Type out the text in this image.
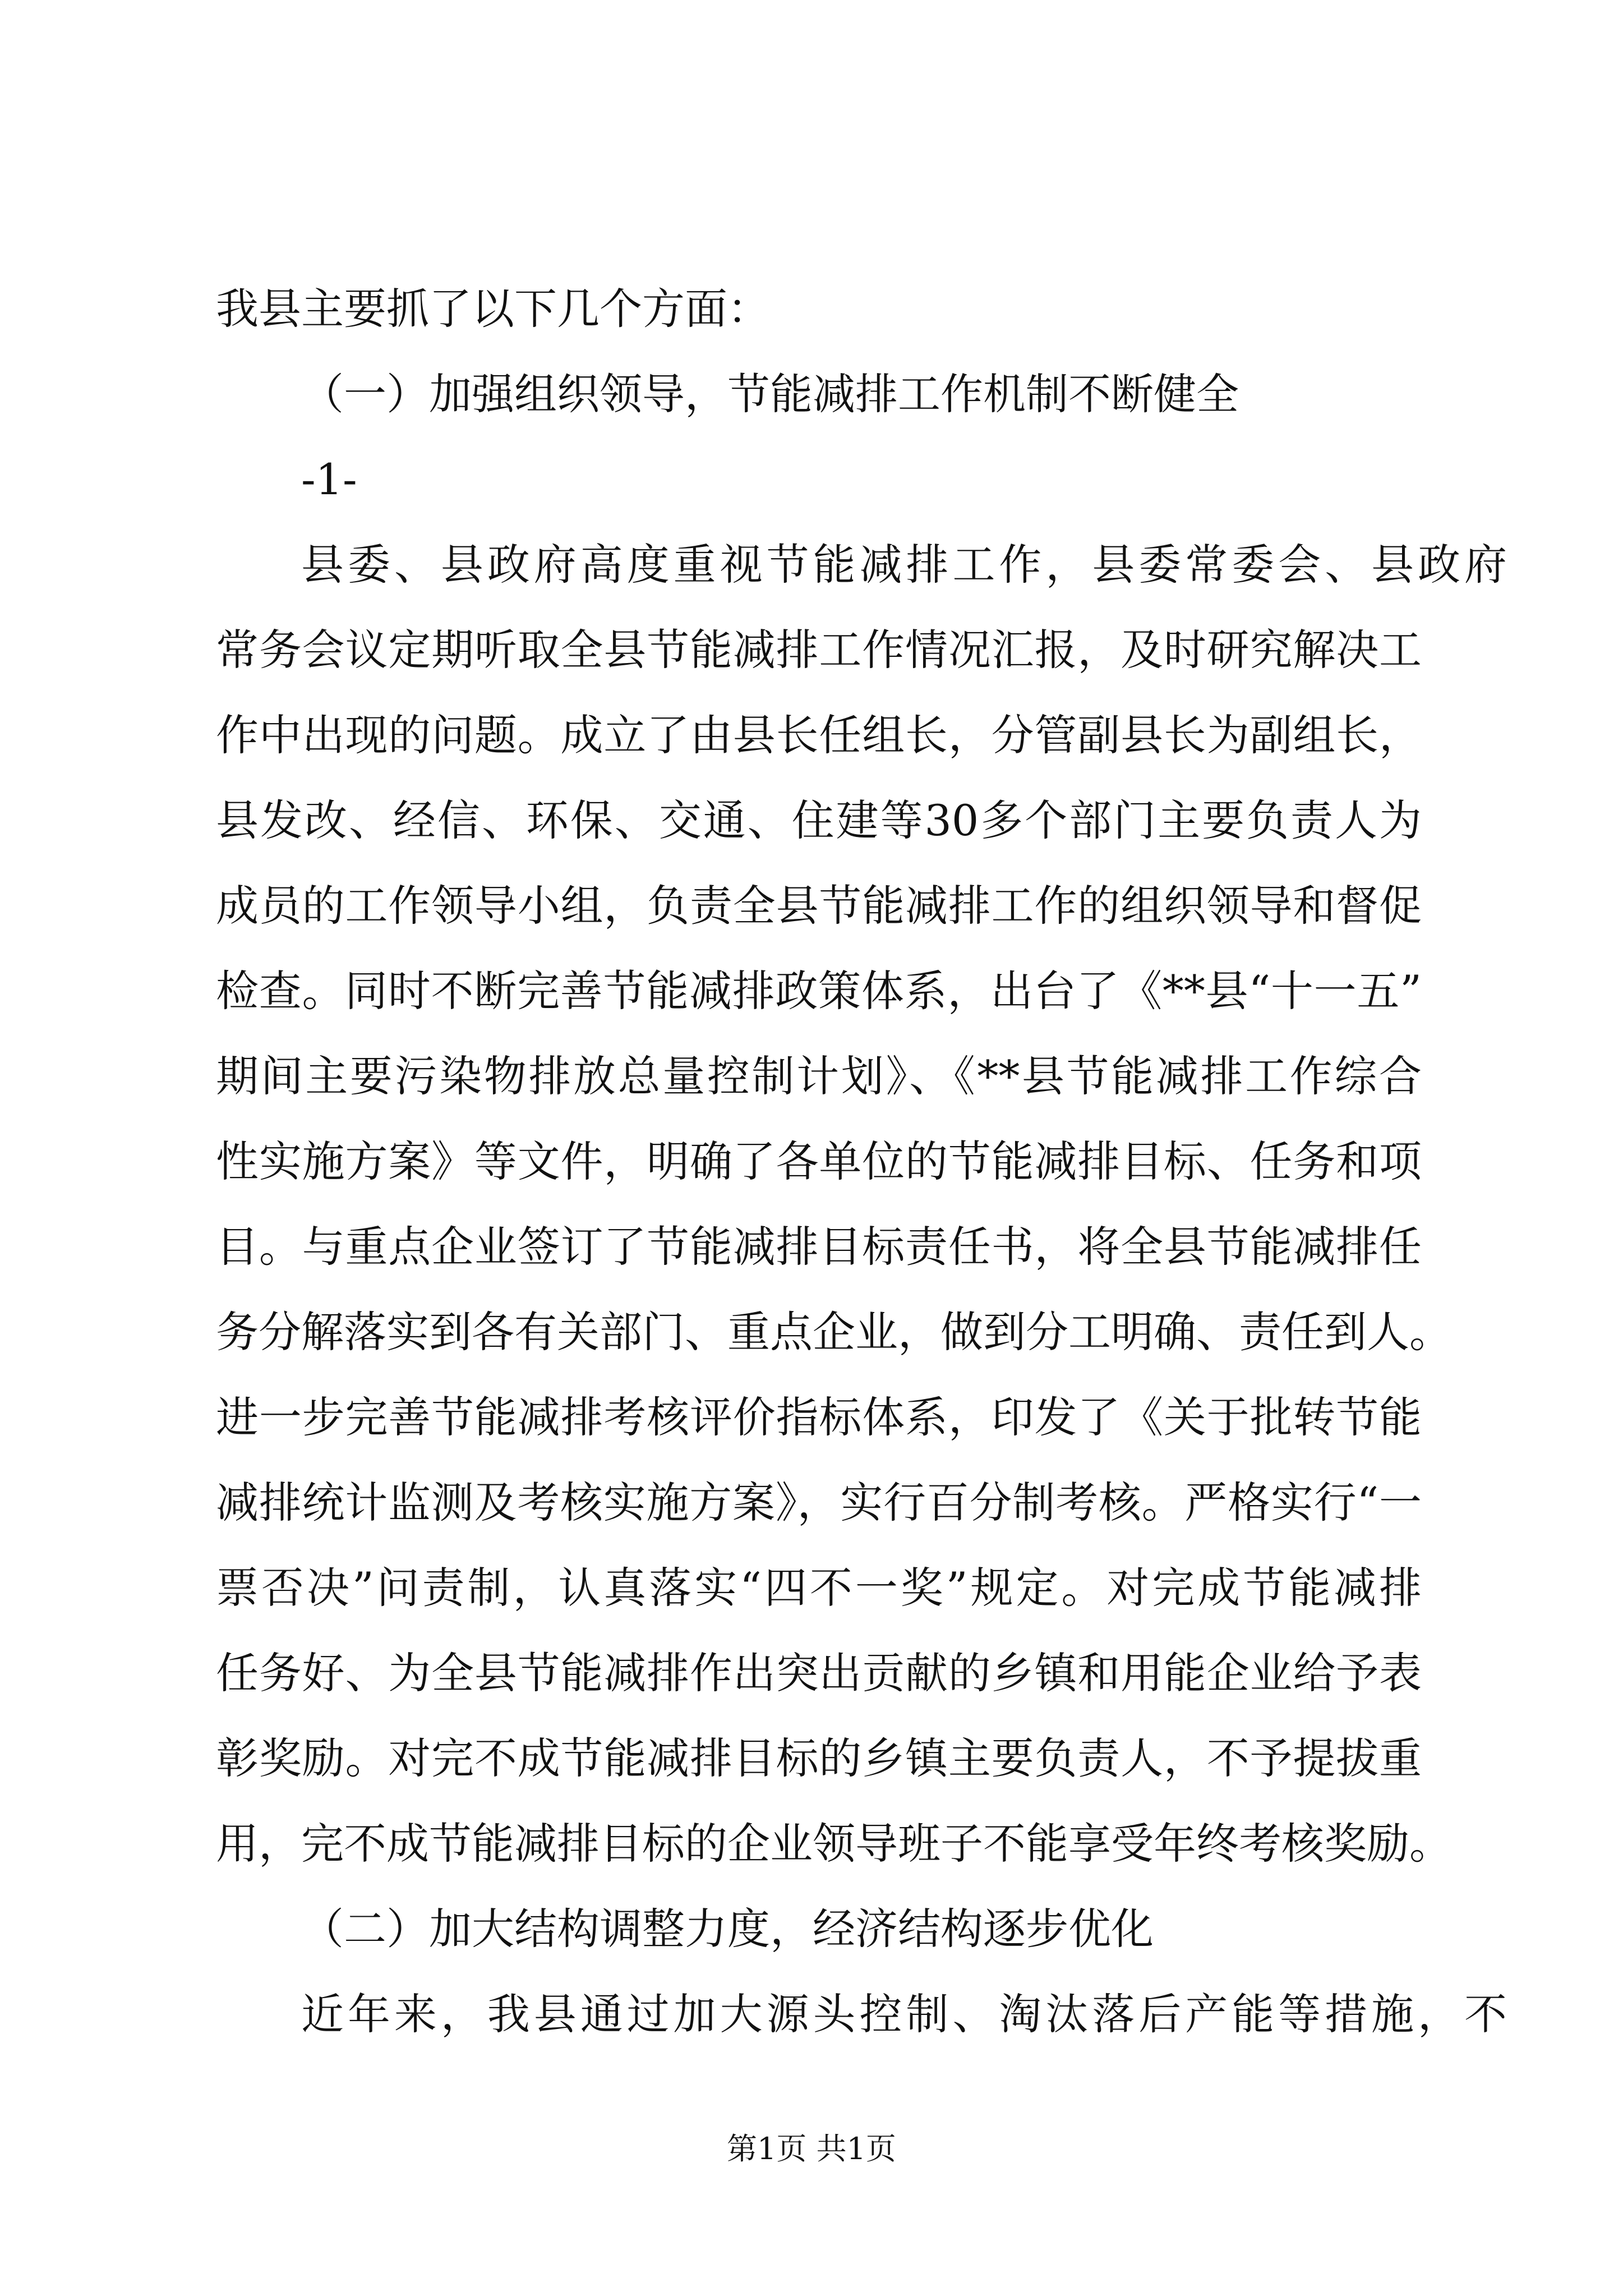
我县主要抓了以下几个方面：
（一）加强组织领导，节能减排工作机制不断健全
-1-
县委、县政府高度重视节能减排工作，县委常委会、县政府
常务会议定期听取全县节能减排工作情况汇报，及时研究解决工
作中出现的问题。成立了由县长任组长，分管副县长为副组长，
县发改、经信、环保、交通、住建等30多个部门主要负责人为
成员的工作领导小组，负责全县节能减排工作的组织领导和督促
检查。同时不断完善节能减排政策体系，出台了《**县“十一五”
期间主要污染物排放总量控制计划》、《**县节能减排工作综合
性实施方案》等文件，明确了各单位的节能减排目标、任务和项
目。与重点企业签订了节能减排目标责任书，将全县节能减排任
务分解落实到各有关部门、重点企业，做到分工明确、责任到人。
进一步完善节能减排考核评价指标体系，印发了《关于批转节能
减排统计监测及考核实施方案》，实行百分制考核。严格实行“一
票否决”问责制，认真落实“四不一奖”规定。对完成节能减排
任务好、为全县节能减排作出突出贡献的乡镇和用能企业给予表
彰奖励。对完不成节能减排目标的乡镇主要负责人，不予提拔重
用，完不成节能减排目标的企业领导班子不能享受年终考核奖励。
（二）加大结构调整力度，经济结构逐步优化
近年来，我县通过加大源头控制、淘汰落后产能等措施，不
第1页 共1页
